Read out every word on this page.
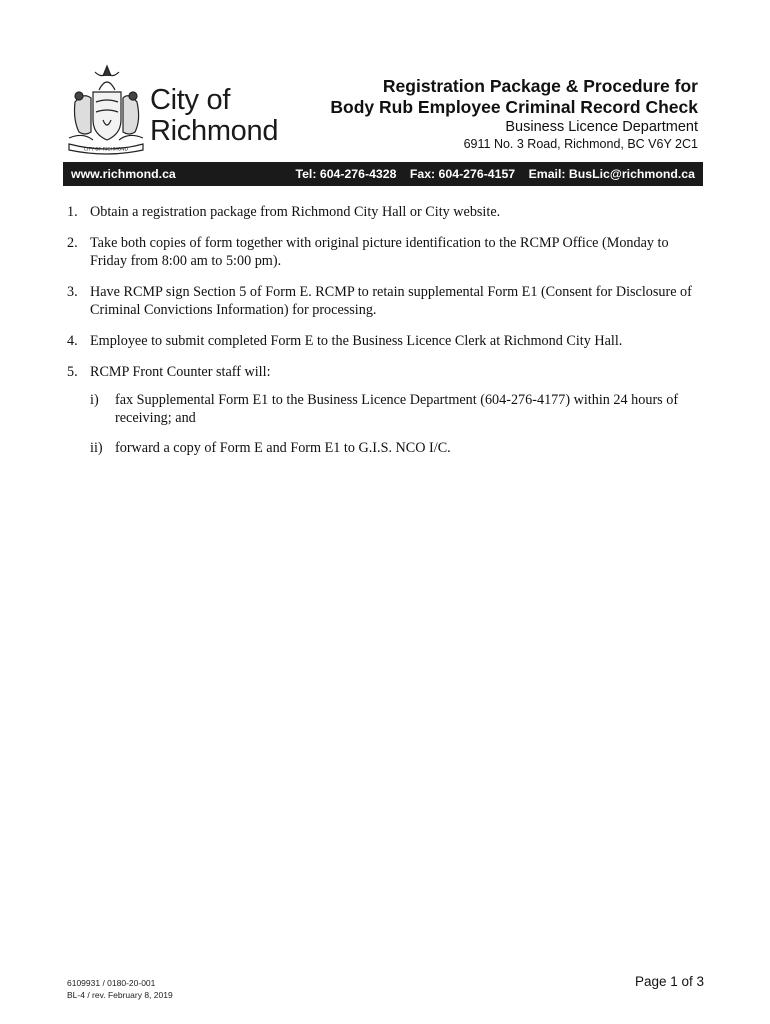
CITY OF RICHMOND
City of
Richmond
Registration Package & Procedure for
Body Rub Employee Criminal Record Check
Business Licence Department
6911 No. 3 Road, Richmond, BC V6Y 2C1
www.richmond.ca	Tel: 604-276-4328 Fax: 604-276-4157 Email: BusLic@richmond.ca
1. Obtain a registration package from Richmond City Hall or City website.
2. Take both copies of form together with original picture identification to the RCMP Office (Monday to Friday from 8:00 am to 5:00 pm).
3. Have RCMP sign Section 5 of Form E. RCMP to retain supplemental Form E1 (Consent for Disclosure of Criminal Convictions Information) for processing.
4. Employee to submit completed Form E to the Business Licence Clerk at Richmond City Hall.
5. RCMP Front Counter staff will:
i) fax Supplemental Form E1 to the Business Licence Department (604-276-4177) within 24 hours of receiving; and
ii) forward a copy of Form E and Form E1 to G.I.S. NCO I/C.
6109931 / 0180-20-001
BL-4 / rev. February 8, 2019
Page 1 of 3
